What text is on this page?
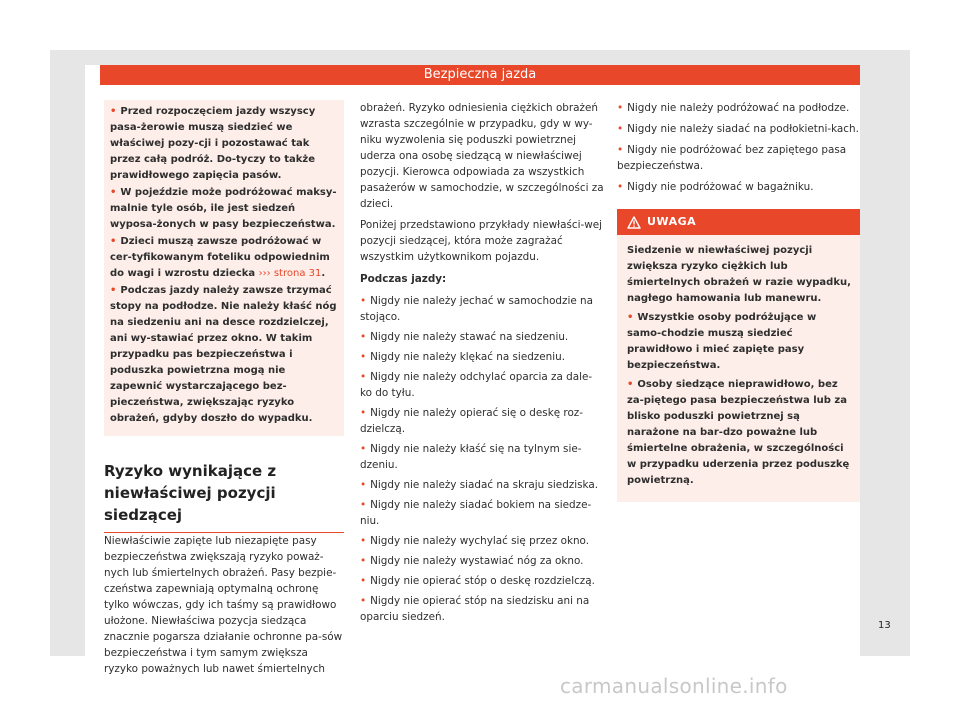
Bezpieczna jazda

• Przed rozpoczęciem jazdy wszyscy pasa-żerowie muszą siedzieć we właściwej pozy-cji i pozostawać tak przez całą podróż. Do-tyczy to także prawidłowego zapięcia pasów.

• W pojeździe może podróżować maksy-malnie tyle osób, ile jest siedzeń wyposa-żonych w pasy bezpieczeństwa.

• Dzieci muszą zawsze podróżować w cer-tyfikowanym foteliku odpowiednim do wagi i wzrostu dziecka ››› strona 31.

• Podczas jazdy należy zawsze trzymać stopy na podłodze. Nie należy kłaść nóg na siedzeniu ani na desce rozdzielczej, ani wy-stawiać przez okno. W takim przypadku pas bezpieczeństwa i poduszka powietrzna mogą nie zapewnić wystarczającego bez-pieczeństwa, zwiększając ryzyko obrażeń, gdyby doszło do wypadku.

Ryzyko wynikające z niewłaściwej pozycji siedzącej

Niewłaściwie zapięte lub niezapięte pasy bezpieczeństwa zwiększają ryzyko poważ-nych lub śmiertelnych obrażeń. Pasy bezpie-czeństwa zapewniają optymalną ochronę tylko wówczas, gdy ich taśmy są prawidłowo ułożone. Niewłaściwa pozycja siedząca znacznie pogarsza działanie ochronne pa-sów bezpieczeństwa i tym samym zwiększa ryzyko poważnych lub nawet śmiertelnych

obrażeń. Ryzyko odniesienia ciężkich obrażeń wzrasta szczególnie w przypadku, gdy w wy-niku wyzwolenia się poduszki powietrznej uderza ona osobę siedzącą w niewłaściwej pozycji. Kierowca odpowiada za wszystkich pasażerów w samochodzie, w szczególności za dzieci.

Poniżej przedstawiono przykłady niewłaści-wej pozycji siedzącej, która może zagrażać wszystkim użytkownikom pojazdu.

Podczas jazdy:

• Nigdy nie należy jechać w samochodzie na stojąco.

• Nigdy nie należy stawać na siedzeniu.

• Nigdy nie należy klękać na siedzeniu.

• Nigdy nie należy odchylać oparcia za dale-ko do tyłu.

• Nigdy nie należy opierać się o deskę roz-dzielczą.

• Nigdy nie należy kłaść się na tylnym sie-dzeniu.

• Nigdy nie należy siadać na skraju siedziska.

• Nigdy nie należy siadać bokiem na siedze-niu.

• Nigdy nie należy wychylać się przez okno.

• Nigdy nie należy wystawiać nóg za okno.

• Nigdy nie opierać stóp o deskę rozdzielczą.

• Nigdy nie opierać stóp na siedzisku ani na oparciu siedzeń.

• Nigdy nie należy podróżować na podłodze.

• Nigdy nie należy siadać na podłokietni-kach.

• Nigdy nie podróżować bez zapiętego pasa bezpieczeństwa.

• Nigdy nie podróżować w bagażniku.

UWAGA

Siedzenie w niewłaściwej pozycji zwiększa ryzyko ciężkich lub śmiertelnych obrażeń w razie wypadku, nagłego hamowania lub manewru.

• Wszystkie osoby podróżujące w samo-chodzie muszą siedzieć prawidłowo i mieć zapięte pasy bezpieczeństwa.

• Osoby siedzące nieprawidłowo, bez za-piętego pasa bezpieczeństwa lub za blisko poduszki powietrznej są narażone na bar-dzo poważne lub śmiertelne obrażenia, w szczególności w przypadku uderzenia przez poduszkę powietrzną.

13
carmanualsonline.info
